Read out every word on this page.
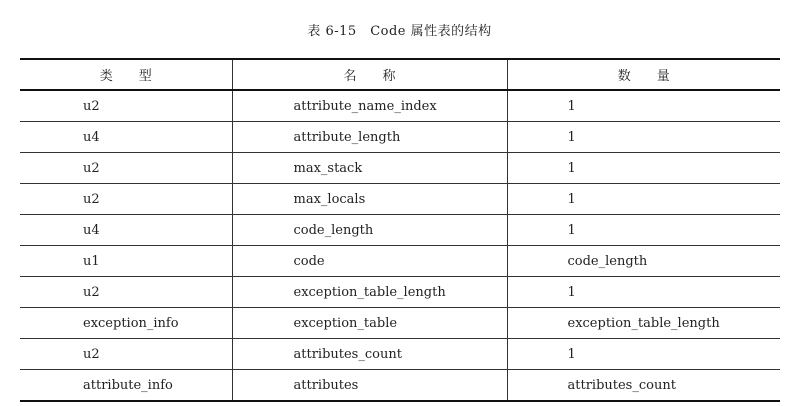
表 6-15　Code 属性表的结构
类　　型	名　　称	数　　量
u2	attribute_name_index	1
u4	attribute_length	1
u2	max_stack	1
u2	max_locals	1
u4	code_length	1
u1	code	code_length
u2	exception_table_length	1
exception_info	exception_table	exception_table_length
u2	attributes_count	1
attribute_info	attributes	attributes_count
